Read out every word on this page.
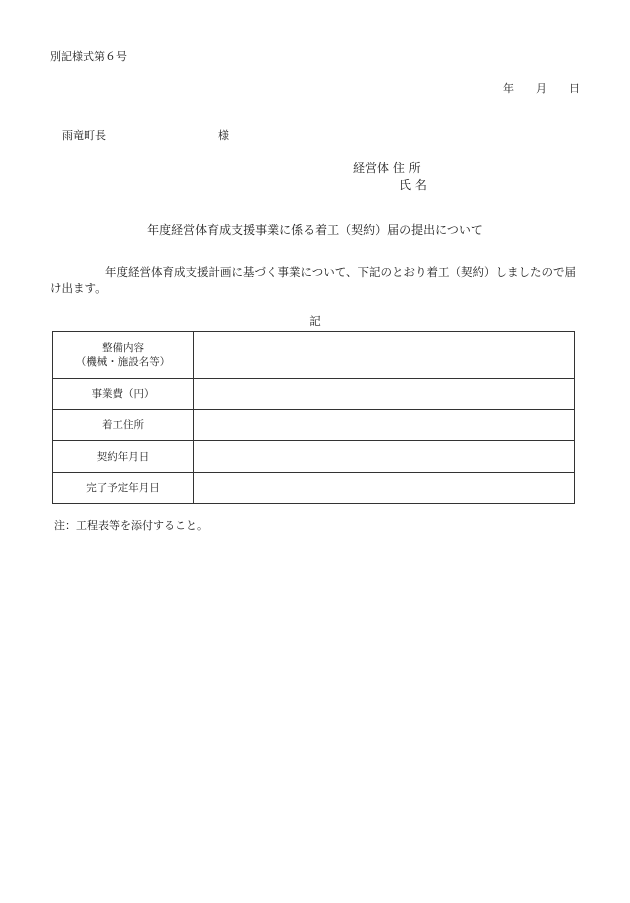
別記様式第６号
年 月 日
雨竜町長	様
経営体 住 所
氏 名
年度経営体育成支援事業に係る着工（契約）届の提出について
年度経営体育成支援計画に基づく事業について、下記のとおり着工（契約）しましたので届け出ます。
記
整備内容
（機械・施設名等）	

事業費（円）	
着工住所	
契約年月日	
完了予定年月日	
注：工程表等を添付すること。
